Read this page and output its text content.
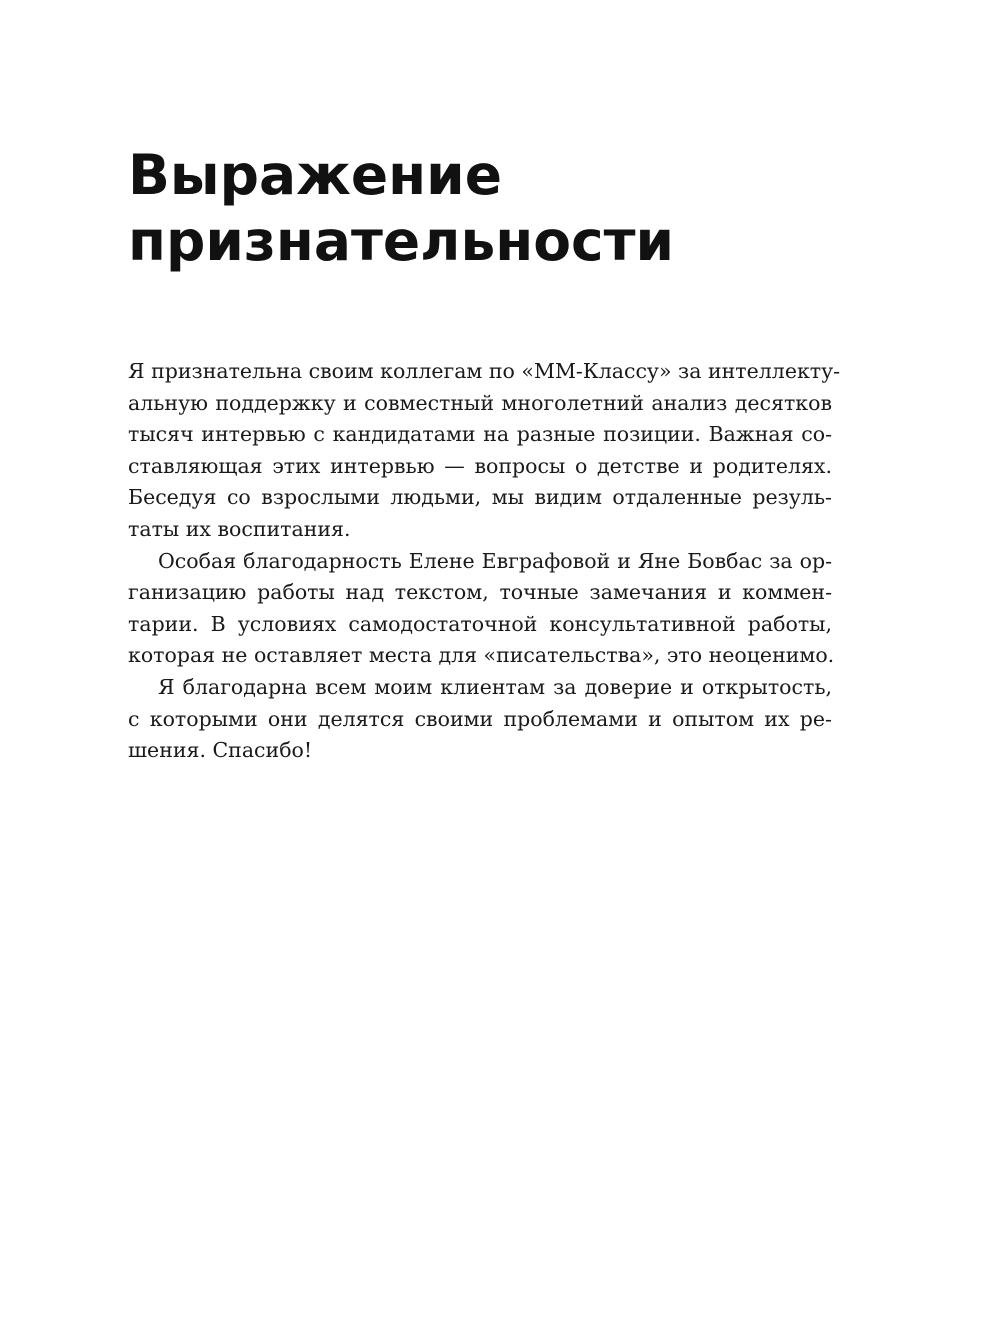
Выражение
признательности
Я признательна своим коллегам по «ММ-Классу» за интеллекту-
альную поддержку и совместный многолетний анализ десятков
тысяч интервью с кандидатами на разные позиции. Важная со-
ставляющая этих интервью — вопросы о детстве и родителях.
Беседуя со взрослыми людьми, мы видим отдаленные резуль-
таты их воспитания.
Особая благодарность Елене Евграфовой и Яне Бовбас за ор-
ганизацию работы над текстом, точные замечания и коммен-
тарии. В условиях самодостаточной консультативной работы,
которая не оставляет места для «писательства», это неоценимо.
Я благодарна всем моим клиентам за доверие и открытость,
с которыми они делятся своими проблемами и опытом их ре-
шения. Спасибо!
